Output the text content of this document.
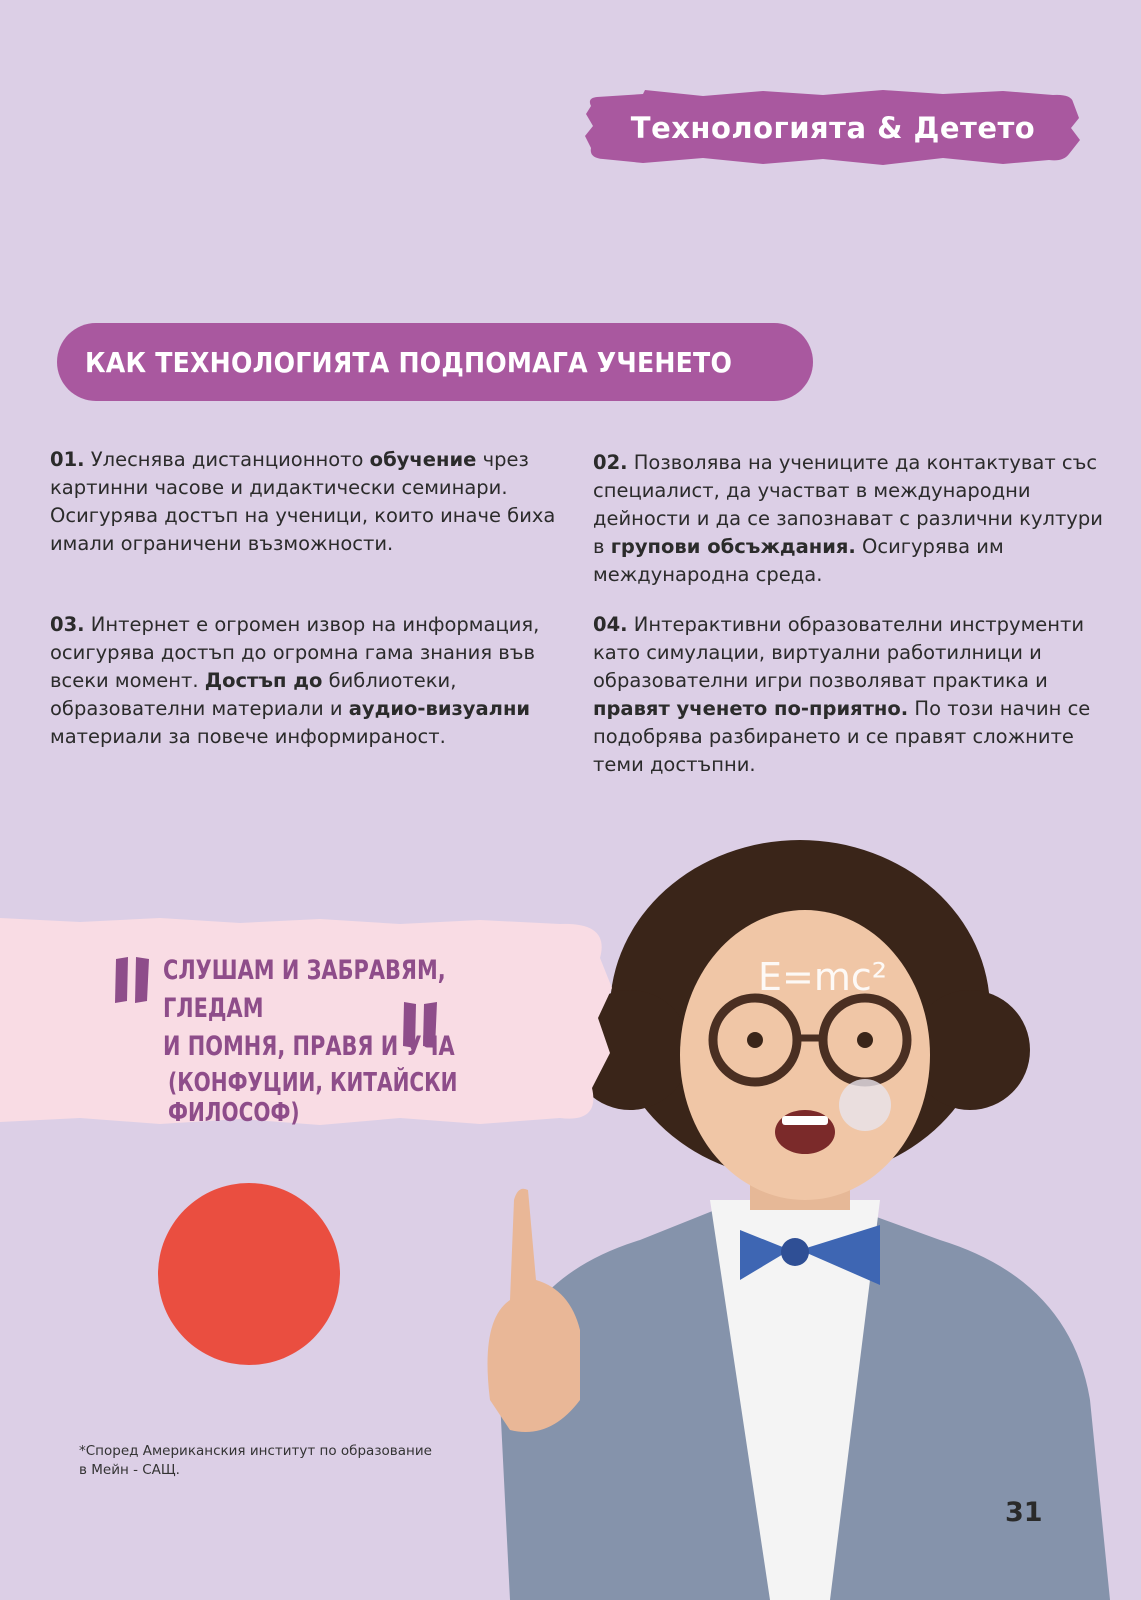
Технологията & Детето
КАК ТЕХНОЛОГИЯТА ПОДПОМАГА УЧЕНЕТО
01. Улеснява дистанционното обучение чрез картинни часове и дидактически семинари. Осигурява достъп на ученици, които иначе биха имали ограничени възможности.
02. Позволява на учениците да контактуват със специалист, да участват в международни дейности и да се запознават с различни култури в групови обсъждания. Осигурява им международна среда.
03. Интернет е огромен извор на информация, осигурява достъп до огромна гама знания във всеки момент. Достъп до библиотеки, образователни материали и аудио-визуални материали за повече информираност.
04. Интерактивни образователни инструменти като симулации, виртуални работилници и образователни игри позволяват практика и правят ученето по-приятно. По този начин се подобрява разбирането и се правят сложните теми достъпни.
E=mc²
СЛУШАМ И ЗАБРАВЯМ, ГЛЕДАМ
И ПОМНЯ, ПРАВЯ И УЧА
(КОНФУЦИИ, КИТАЙСКИ ФИЛОСОФ)
*Според Американския институт по образование
в Мейн - САЩ.
31
